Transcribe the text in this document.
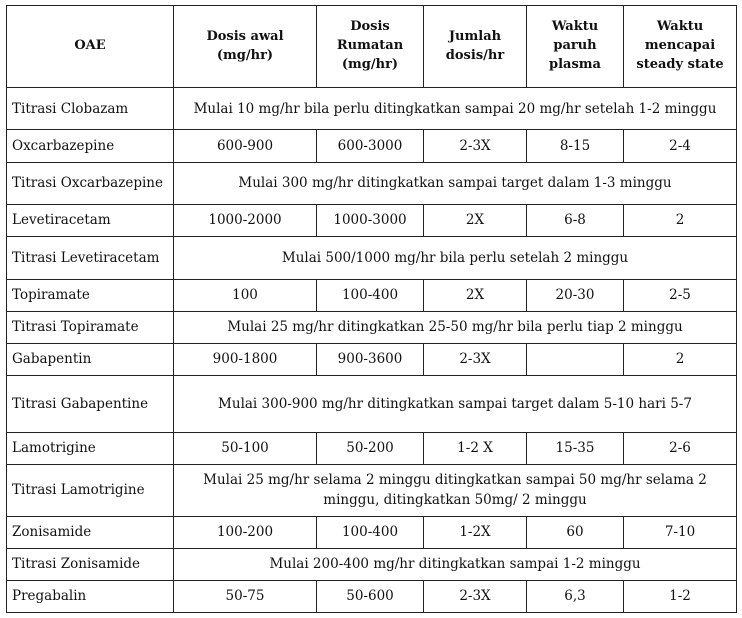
OAE	Dosis awal (mg/hr)	Dosis Rumatan (mg/hr)	Jumlah dosis/hr	Waktu paruh plasma	Waktu mencapai steady state
Titrasi Clobazam	Mulai 10 mg/hr bila perlu ditingkatkan sampai 20 mg/hr setelah 1-2 minggu				
Oxcarbazepine	600-900	600-3000	2-3X	8-15	2-4
Titrasi Oxcarbazepine	Mulai 300 mg/hr ditingkatkan sampai target dalam 1-3 minggu				
Levetiracetam	1000-2000	1000-3000	2X	6-8	2
Titrasi Levetiracetam	Mulai 500/1000 mg/hr bila perlu setelah 2 minggu				
Topiramate	100	100-400	2X	20-30	2-5
Titrasi Topiramate	Mulai 25 mg/hr ditingkatkan 25-50 mg/hr bila perlu tiap 2 minggu				
Gabapentin	900-1800	900-3600	2-3X		2
Titrasi Gabapentine	Mulai 300-900 mg/hr ditingkatkan sampai target dalam 5-10 hari 5-7				
Lamotrigine	50-100	50-200	1-2 X	15-35	2-6
Titrasi Lamotrigine	Mulai 25 mg/hr selama 2 minggu ditingkatkan sampai 50 mg/hr selama 2 minggu, ditingkatkan 50mg/ 2 minggu				
Zonisamide	100-200	100-400	1-2X	60	7-10
Titrasi Zonisamide	Mulai 200-400 mg/hr ditingkatkan sampai 1-2 minggu				
Pregabalin	50-75	50-600	2-3X	6,3	1-2
